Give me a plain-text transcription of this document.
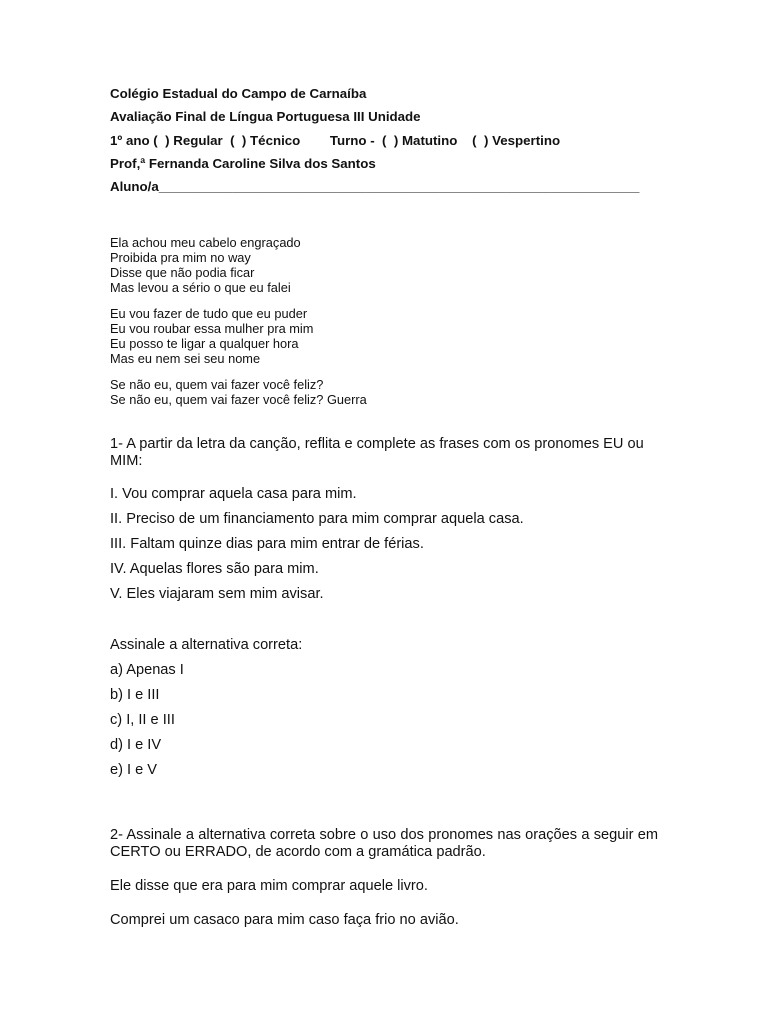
Colégio Estadual do Campo de Carnaíba
Avaliação Final de Língua Portuguesa III Unidade
1º ano (  ) Regular  (  ) Técnico        Turno -  (  ) Matutino    (  ) Vespertino
Prof,ª Fernanda Caroline Silva dos Santos
Aluno/a_________________________________________________________________
Ela achou meu cabelo engraçado
Proibida pra mim no way
Disse que não podia ficar
Mas levou a sério o que eu falei
Eu vou fazer de tudo que eu puder
Eu vou roubar essa mulher pra mim
Eu posso te ligar a qualquer hora
Mas eu nem sei seu nome
Se não eu, quem vai fazer você feliz?
Se não eu, quem vai fazer você feliz? Guerra
1- A partir da letra da canção, reflita e complete as frases com os pronomes EU ou MIM:
I. Vou comprar aquela casa para mim.
II. Preciso de um financiamento para mim comprar aquela casa.
III. Faltam quinze dias para mim entrar de férias.
IV. Aquelas flores são para mim.
V. Eles viajaram sem mim avisar.
Assinale a alternativa correta:
a) Apenas I
b) I e III
c) I, II e III
d) I e IV
e) I e V
2- Assinale a alternativa correta sobre o uso dos pronomes nas orações a seguir em CERTO ou ERRADO, de acordo com a gramática padrão.
Ele disse que era para mim comprar aquele livro.
Comprei um casaco para mim caso faça frio no avião.
